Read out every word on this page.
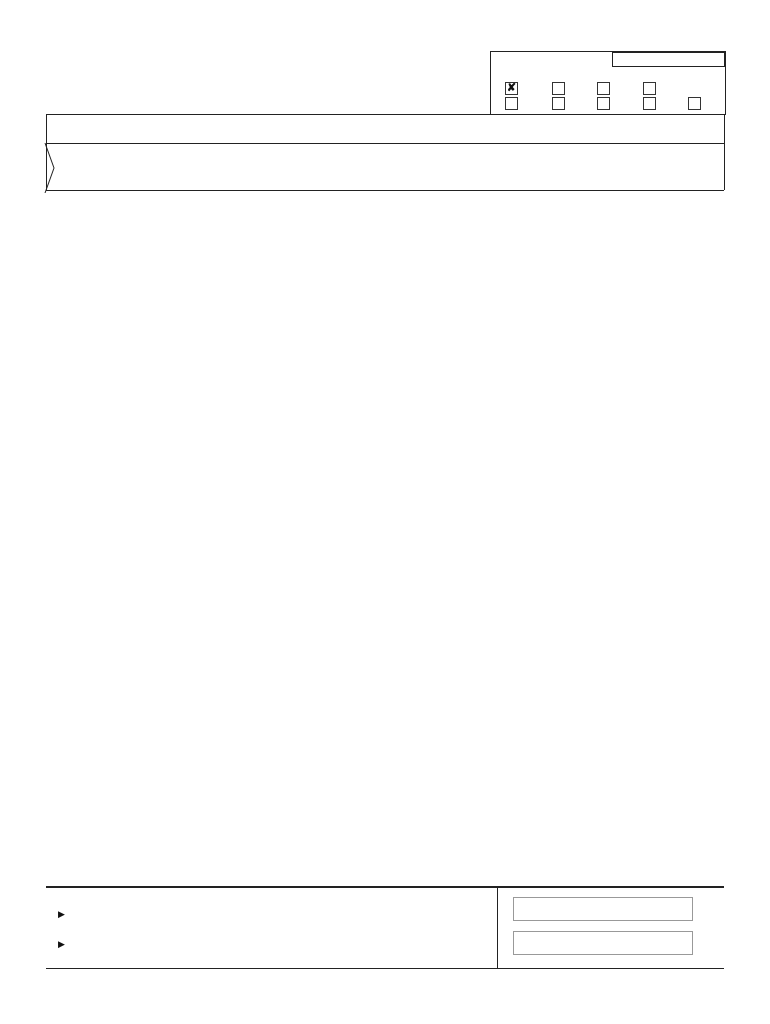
✘
▶
▶
